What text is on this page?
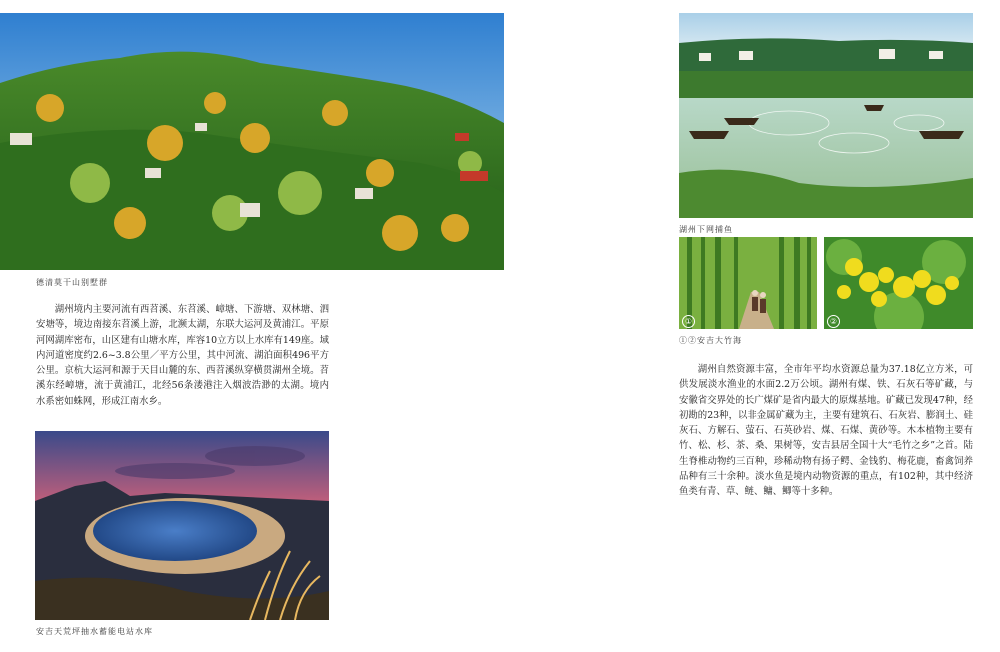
德清莫干山别墅群

湖州境内主要河流有西苕溪、东苕溪、嶂塘、下游塘、双林塘、泗安塘等，境边南接东苕溪上游，北濒太湖，东联大运河及黄浦江。平原河网湖库密布，山区建有山塘水库，库容10立方以上水库有149座。域内河道密度约2.6~3.8公里／平方公里，其中河流、湖泊面积496平方公里。京杭大运河和源于天目山麓的东、西苕溪纵穿横贯湖州全境。苕溪东经嶂塘，流于黄浦江，北经56条溇港注入烟波浩渺的太湖。境内水系密如蛛网，形成江南水乡。

安吉天荒坪抽水蓄能电站水库
湖州下网捕鱼
①	②
①②安吉大竹海

湖州自然资源丰富，全市年平均水资源总量为37.18亿立方米，可供发展淡水渔业的水面2.2万公顷。湖州有煤、铁、石灰石等矿藏，与安徽省交界处的长广煤矿是省内最大的原煤基地。矿藏已发现47种，经初勘的23种，以非金属矿藏为主，主要有建筑石、石灰岩、膨润土、硅灰石、方解石、萤石、石英砂岩、煤、石煤、黄砂等。木本植物主要有竹、松、杉、茶、桑、果树等，安吉县居全国十大“毛竹之乡”之首。陆生脊椎动物约三百种，珍稀动物有扬子鳄、金钱豹、梅花鹿，畜禽饲养品种有三十余种。淡水鱼是境内动物资源的重点，有102种，其中经济鱼类有青、草、鲢、鳙、鲫等十多种。
